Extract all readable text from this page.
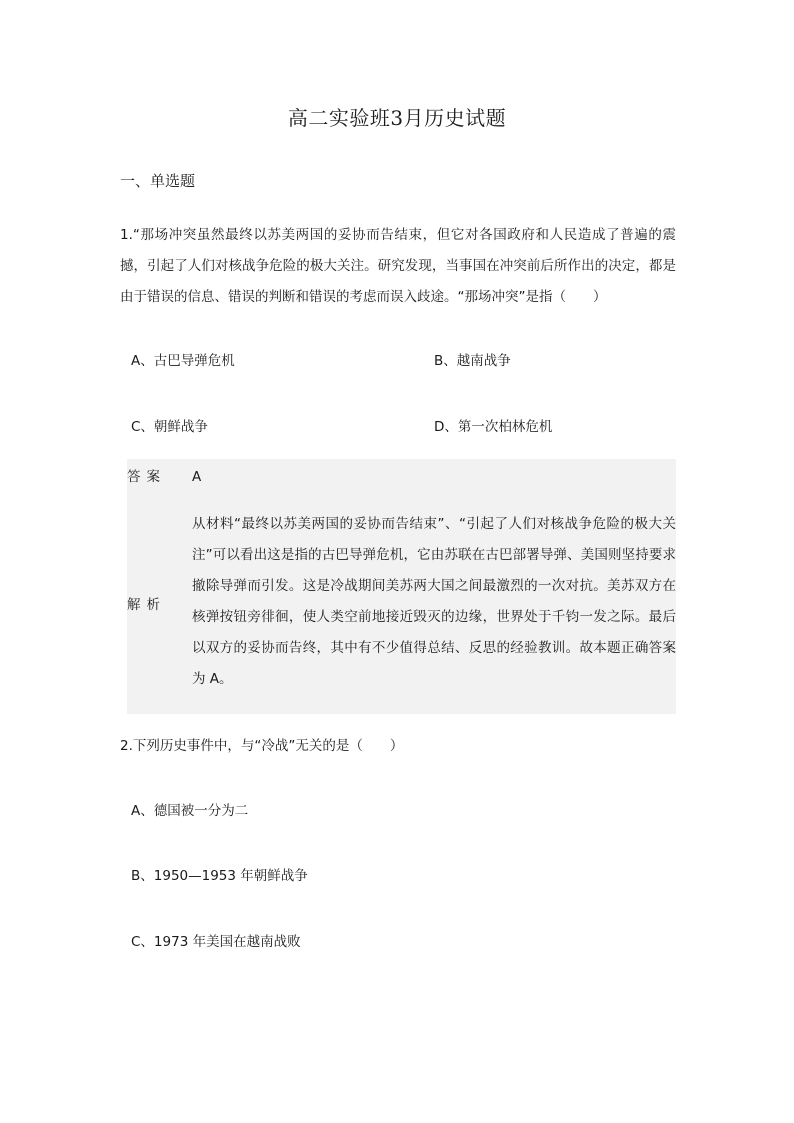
高二实验班3月历史试题
一、单选题
1.“那场冲突虽然最终以苏美两国的妥协而告结束，但它对各国政府和人民造成了普遍的震撼，引起了人们对核战争危险的极大关注。研究发现，当事国在冲突前后所作出的决定，都是由于错误的信息、错误的判断和错误的考虑而误入歧途。“那场冲突”是指（　　）
A、古巴导弹危机	B、越南战争
C、朝鲜战争	D、第一次柏林危机
答案	A
解析
从材料“最终以苏美两国的妥协而告结束”、“引起了人们对核战争危险的极大关注”可以看出这是指的古巴导弹危机，它由苏联在古巴部署导弹、美国则坚持要求撤除导弹而引发。这是冷战期间美苏两大国之间最激烈的一次对抗。美苏双方在核弹按钮旁徘徊，使人类空前地接近毁灭的边缘，世界处于千钧一发之际。最后以双方的妥协而告终，其中有不少值得总结、反思的经验教训。故本题正确答案为 A。
2.下列历史事件中，与“冷战”无关的是（　　）
A、德国被一分为二
B、1950—1953 年朝鲜战争
C、1973 年美国在越南战败
